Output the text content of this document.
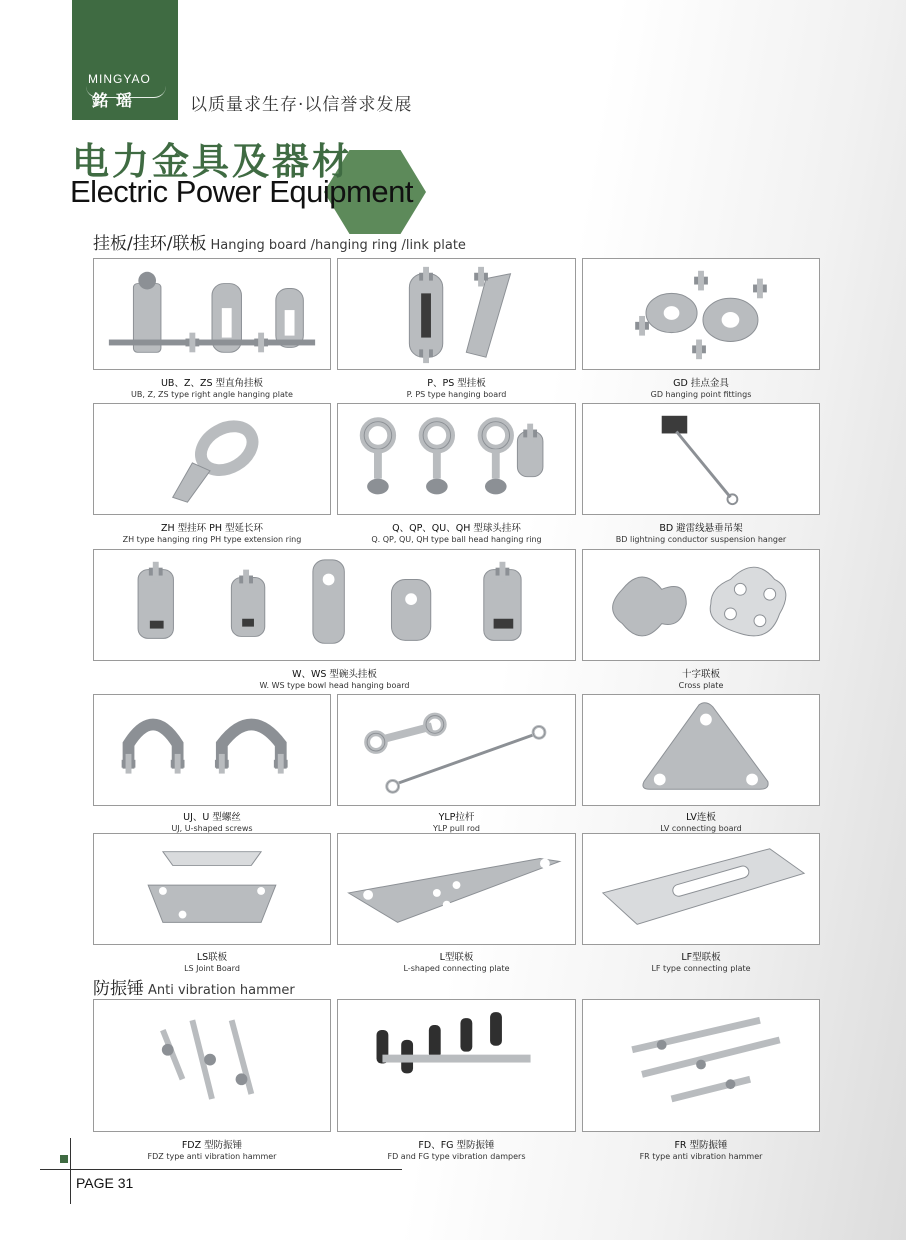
MINGYAO
銘瑶	以质量求生存·以信誉求发展
电力金具及器材
Electric Power Equipment
挂板/挂环/联板 Hanging board /hanging ring /link plate
防振锤 Anti vibration hammer
UB、Z、ZS 型直角挂板
UB, Z, ZS type right angle hanging plate
P、PS 型挂板
P. PS type hanging board
GD 挂点金具
GD hanging point fittings
ZH 型挂环 PH 型延长环
ZH type hanging ring PH type extension ring
Q、QP、QU、QH 型球头挂环
Q. QP, QU, QH type ball head hanging ring
BD 避雷线悬垂吊架
BD lightning conductor suspension hanger
W、WS 型碗头挂板
W. WS type bowl head hanging board
十字联板
Cross plate
UJ、U 型螺丝
UJ, U-shaped screws
YLP拉杆
YLP pull rod
LV连板
LV connecting board
LS联板
LS Joint Board
L型联板
L-shaped connecting plate
LF型联板
LF type connecting plate
FDZ 型防振锤
FDZ type anti vibration hammer
FD、FG 型防振锤
FD and FG type vibration dampers
FR 型防振锤
FR type anti vibration hammer
PAGE 31
